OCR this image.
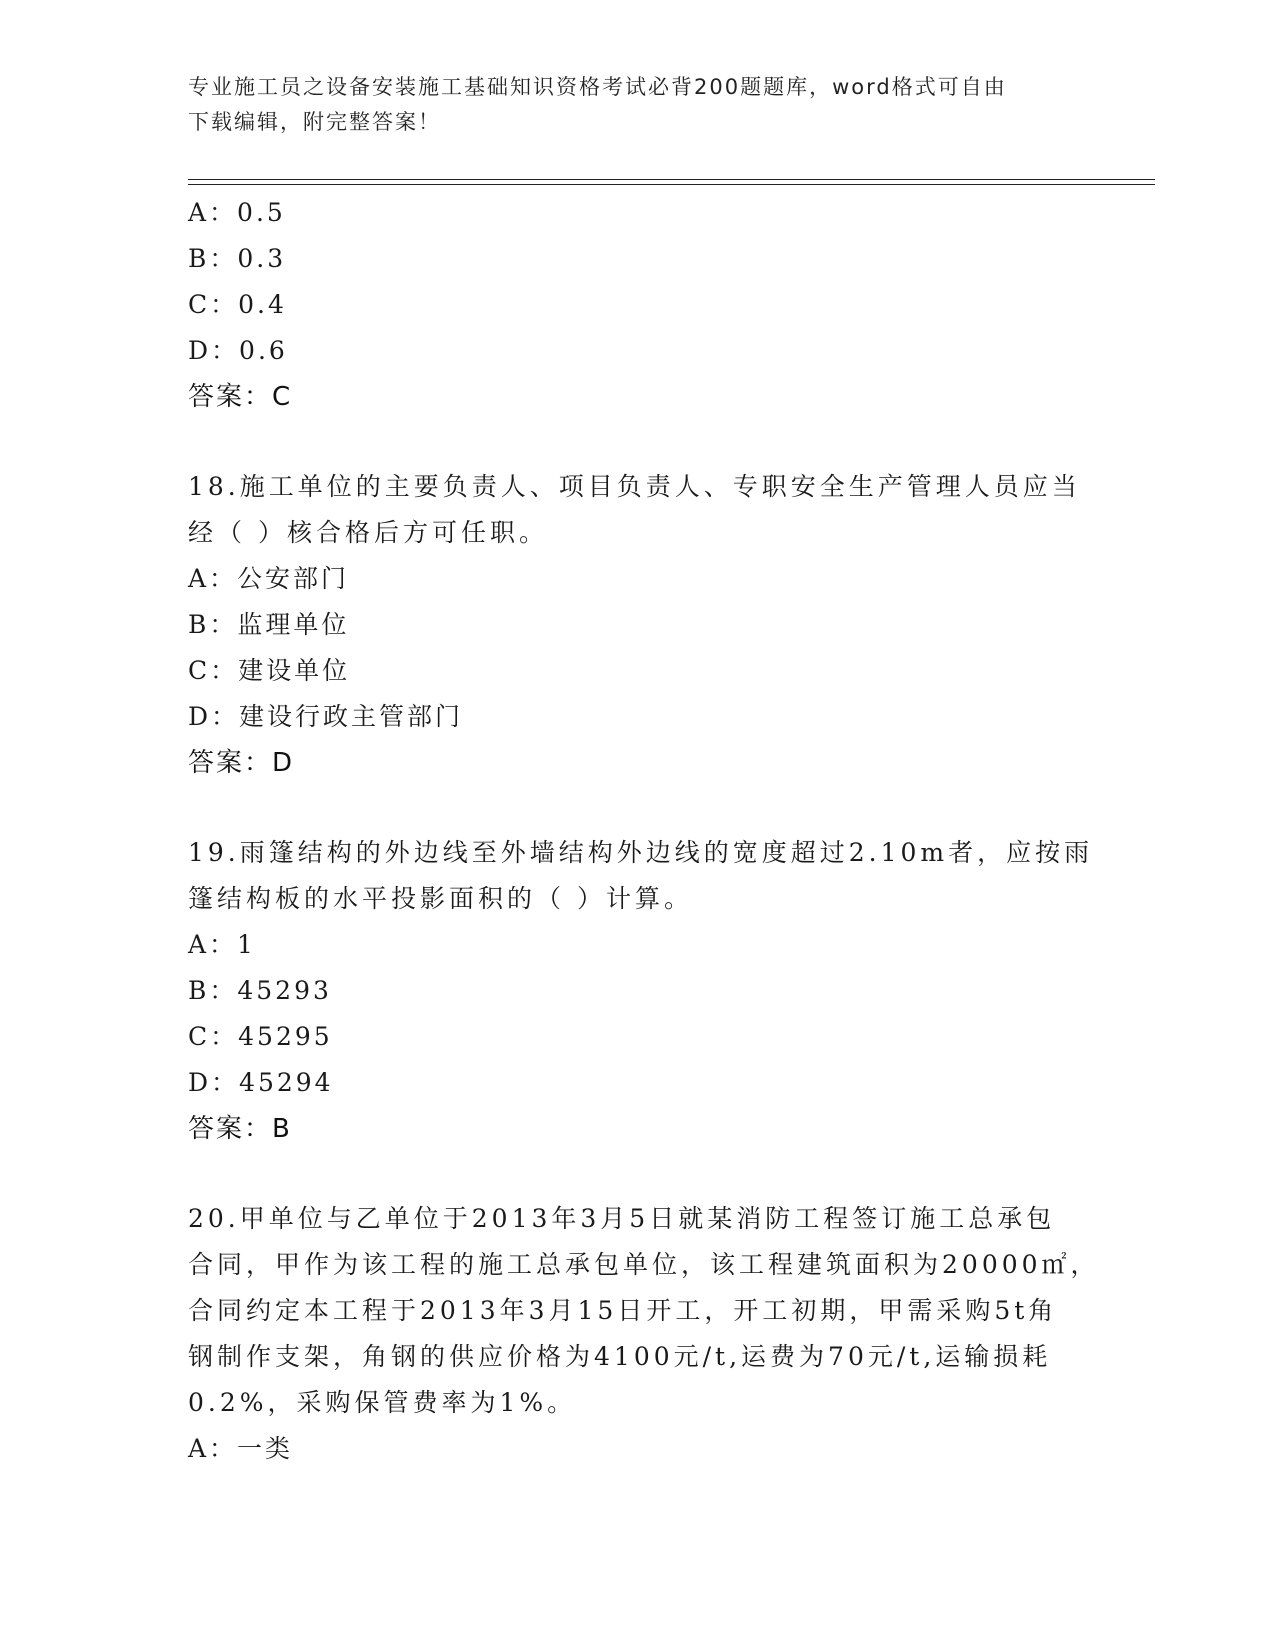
专业施工员之设备安装施工基础知识资格考试必背200题题库，word格式可自由
下载编辑，附完整答案！
A：0.5
B：0.3
C：0.4
D：0.6
答案：C
18.施工单位的主要负责人、项目负责人、专职安全生产管理人员应当
经（ ）核合格后方可任职。
A：公安部门
B：监理单位
C：建设单位
D：建设行政主管部门
答案：D
19.雨篷结构的外边线至外墙结构外边线的宽度超过2.10m者，应按雨
篷结构板的水平投影面积的（ ）计算。
A：1
B：45293
C：45295
D：45294
答案：B
20.甲单位与乙单位于2013年3月5日就某消防工程签订施工总承包
合同，甲作为该工程的施工总承包单位，该工程建筑面积为20000㎡，
合同约定本工程于2013年3月15日开工，开工初期，甲需采购5t角
钢制作支架，角钢的供应价格为4100元/t,运费为70元/t,运输损耗
0.2%，采购保管费率为1%。
A：一类
